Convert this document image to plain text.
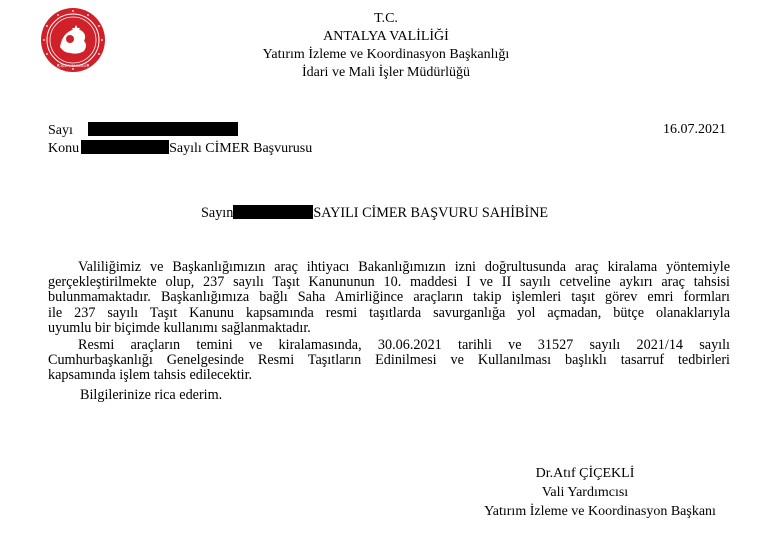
İÇİŞLERİ BAKANLIĞI
T.C.
ANTALYA VALİLİĞİ
Yatırım İzleme ve Koordinasyon Başkanlığı
İdari ve Mali İşler Müdürlüğü
Sayı	16.07.2021
Konu	Sayılı CİMER Başvurusu
Sayın	SAYILI CİMER BAŞVURU SAHİBİNE

Valiliğimiz ve Başkanlığımızın araç ihtiyacı Bakanlığımızın izni doğrultusunda araç kiralama yöntemiyle

gerçekleştirilmekte olup, 237 sayılı Taşıt Kanununun 10. maddesi I ve II sayılı cetveline aykırı araç tahsisi

bulunmamaktadır. Başkanlığımıza bağlı Saha Amirliğince araçların takip işlemleri taşıt görev emri formları

ile 237 sayılı Taşıt Kanunu kapsamında resmi taşıtlarda savurganlığa yol açmadan, bütçe olanaklarıyla

uyumlu bir biçimde kullanımı sağlanmaktadır.

Resmi araçların temini ve kiralamasında, 30.06.2021 tarihli ve 31527 sayılı 2021/14 sayılı

Cumhurbaşkanlığı Genelgesinde Resmi Taşıtların Edinilmesi ve Kullanılması başlıklı tasarruf tedbirleri

kapsamında işlem tahsis edilecektir.

Bilgilerinize rica ederim.
Dr.Atıf ÇİÇEKLİ
Vali Yardımcısı
Yatırım İzleme ve Koordinasyon Başkanı
